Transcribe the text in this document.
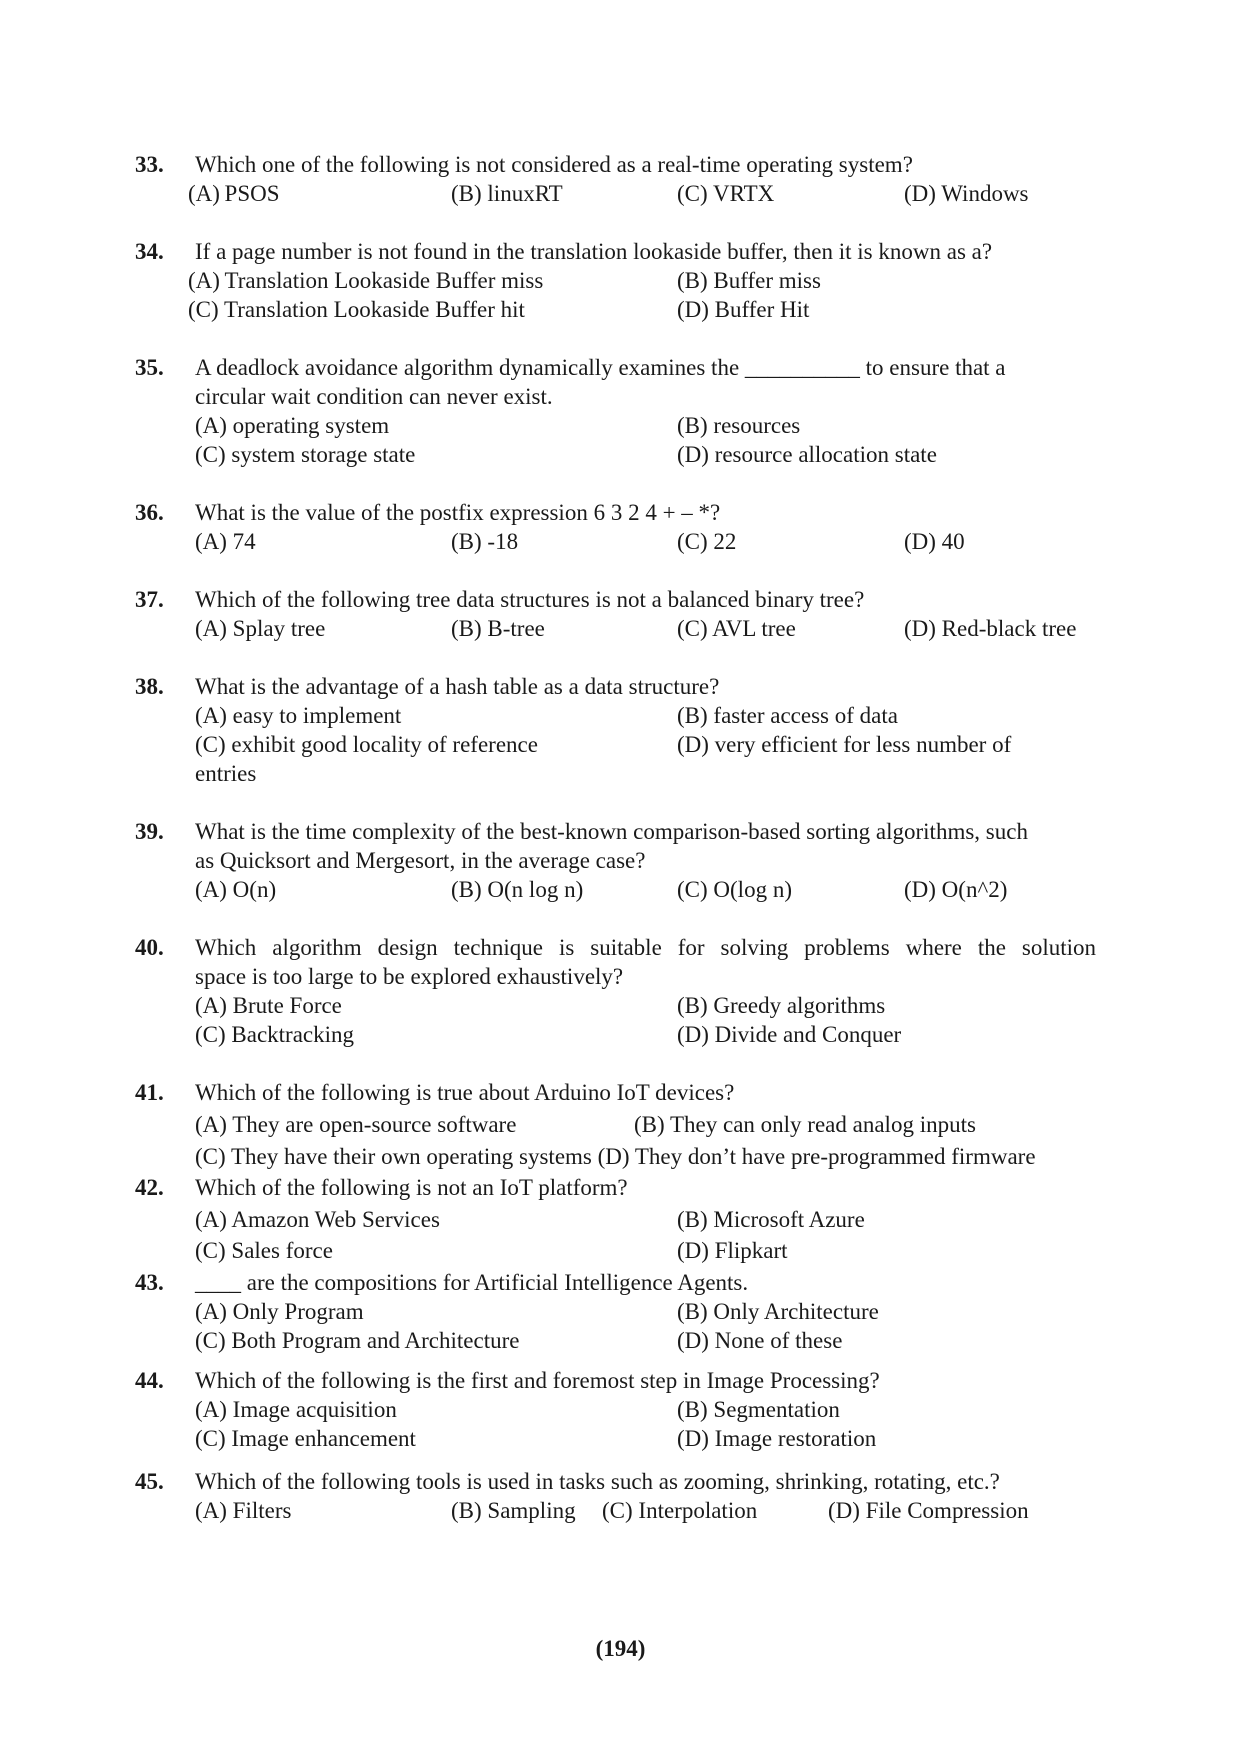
33. Which one of the following is not considered as a real-time operating system?
(A) PSOS	(B) linuxRT	(C) VRTX	(D) Windows
34. If a page number is not found in the translation lookaside buffer, then it is known as a?
(A) Translation Lookaside Buffer miss	(B) Buffer miss
(C) Translation Lookaside Buffer hit	(D) Buffer Hit
35. A deadlock avoidance algorithm dynamically examines the __________ to ensure that a
circular wait condition can never exist.
(A) operating system	(B) resources
(C) system storage state	(D) resource allocation state
36. What is the value of the postfix expression 6 3 2 4 + – *?
(A) 74	(B) -18	(C) 22	(D) 40
37. Which of the following tree data structures is not a balanced binary tree?
(A) Splay tree	(B) B-tree	(C) AVL tree	(D) Red-black tree
38. What is the advantage of a hash table as a data structure?
(A) easy to implement	(B) faster access of data
(C) exhibit good locality of reference	(D) very efficient for less number of
entries
39. What is the time complexity of the best-known comparison-based sorting algorithms, such
as Quicksort and Mergesort, in the average case?
(A) O(n)	(B) O(n log n)	(C) O(log n)	(D) O(n^2)
40. Which algorithm design technique is suitable for solving problems where the solution
space is too large to be explored exhaustively?
(A) Brute Force	(B) Greedy algorithms
(C) Backtracking	(D) Divide and Conquer
41. Which of the following is true about Arduino IoT devices?
(A) They are open-source software	(B) They can only read analog inputs
(C) They have their own operating systems (D) They don’t have pre-programmed firmware
42. Which of the following is not an IoT platform?
(A) Amazon Web Services	(B) Microsoft Azure
(C) Sales force	(D) Flipkart
43. ____ are the compositions for Artificial Intelligence Agents.
(A) Only Program	(B) Only Architecture
(C) Both Program and Architecture	(D) None of these
44. Which of the following is the first and foremost step in Image Processing?
(A) Image acquisition	(B) Segmentation
(C) Image enhancement	(D) Image restoration
45. Which of the following tools is used in tasks such as zooming, shrinking, rotating, etc.?
(A) Filters	(B) Sampling (C) Interpolation	(D) File Compression
(194)
